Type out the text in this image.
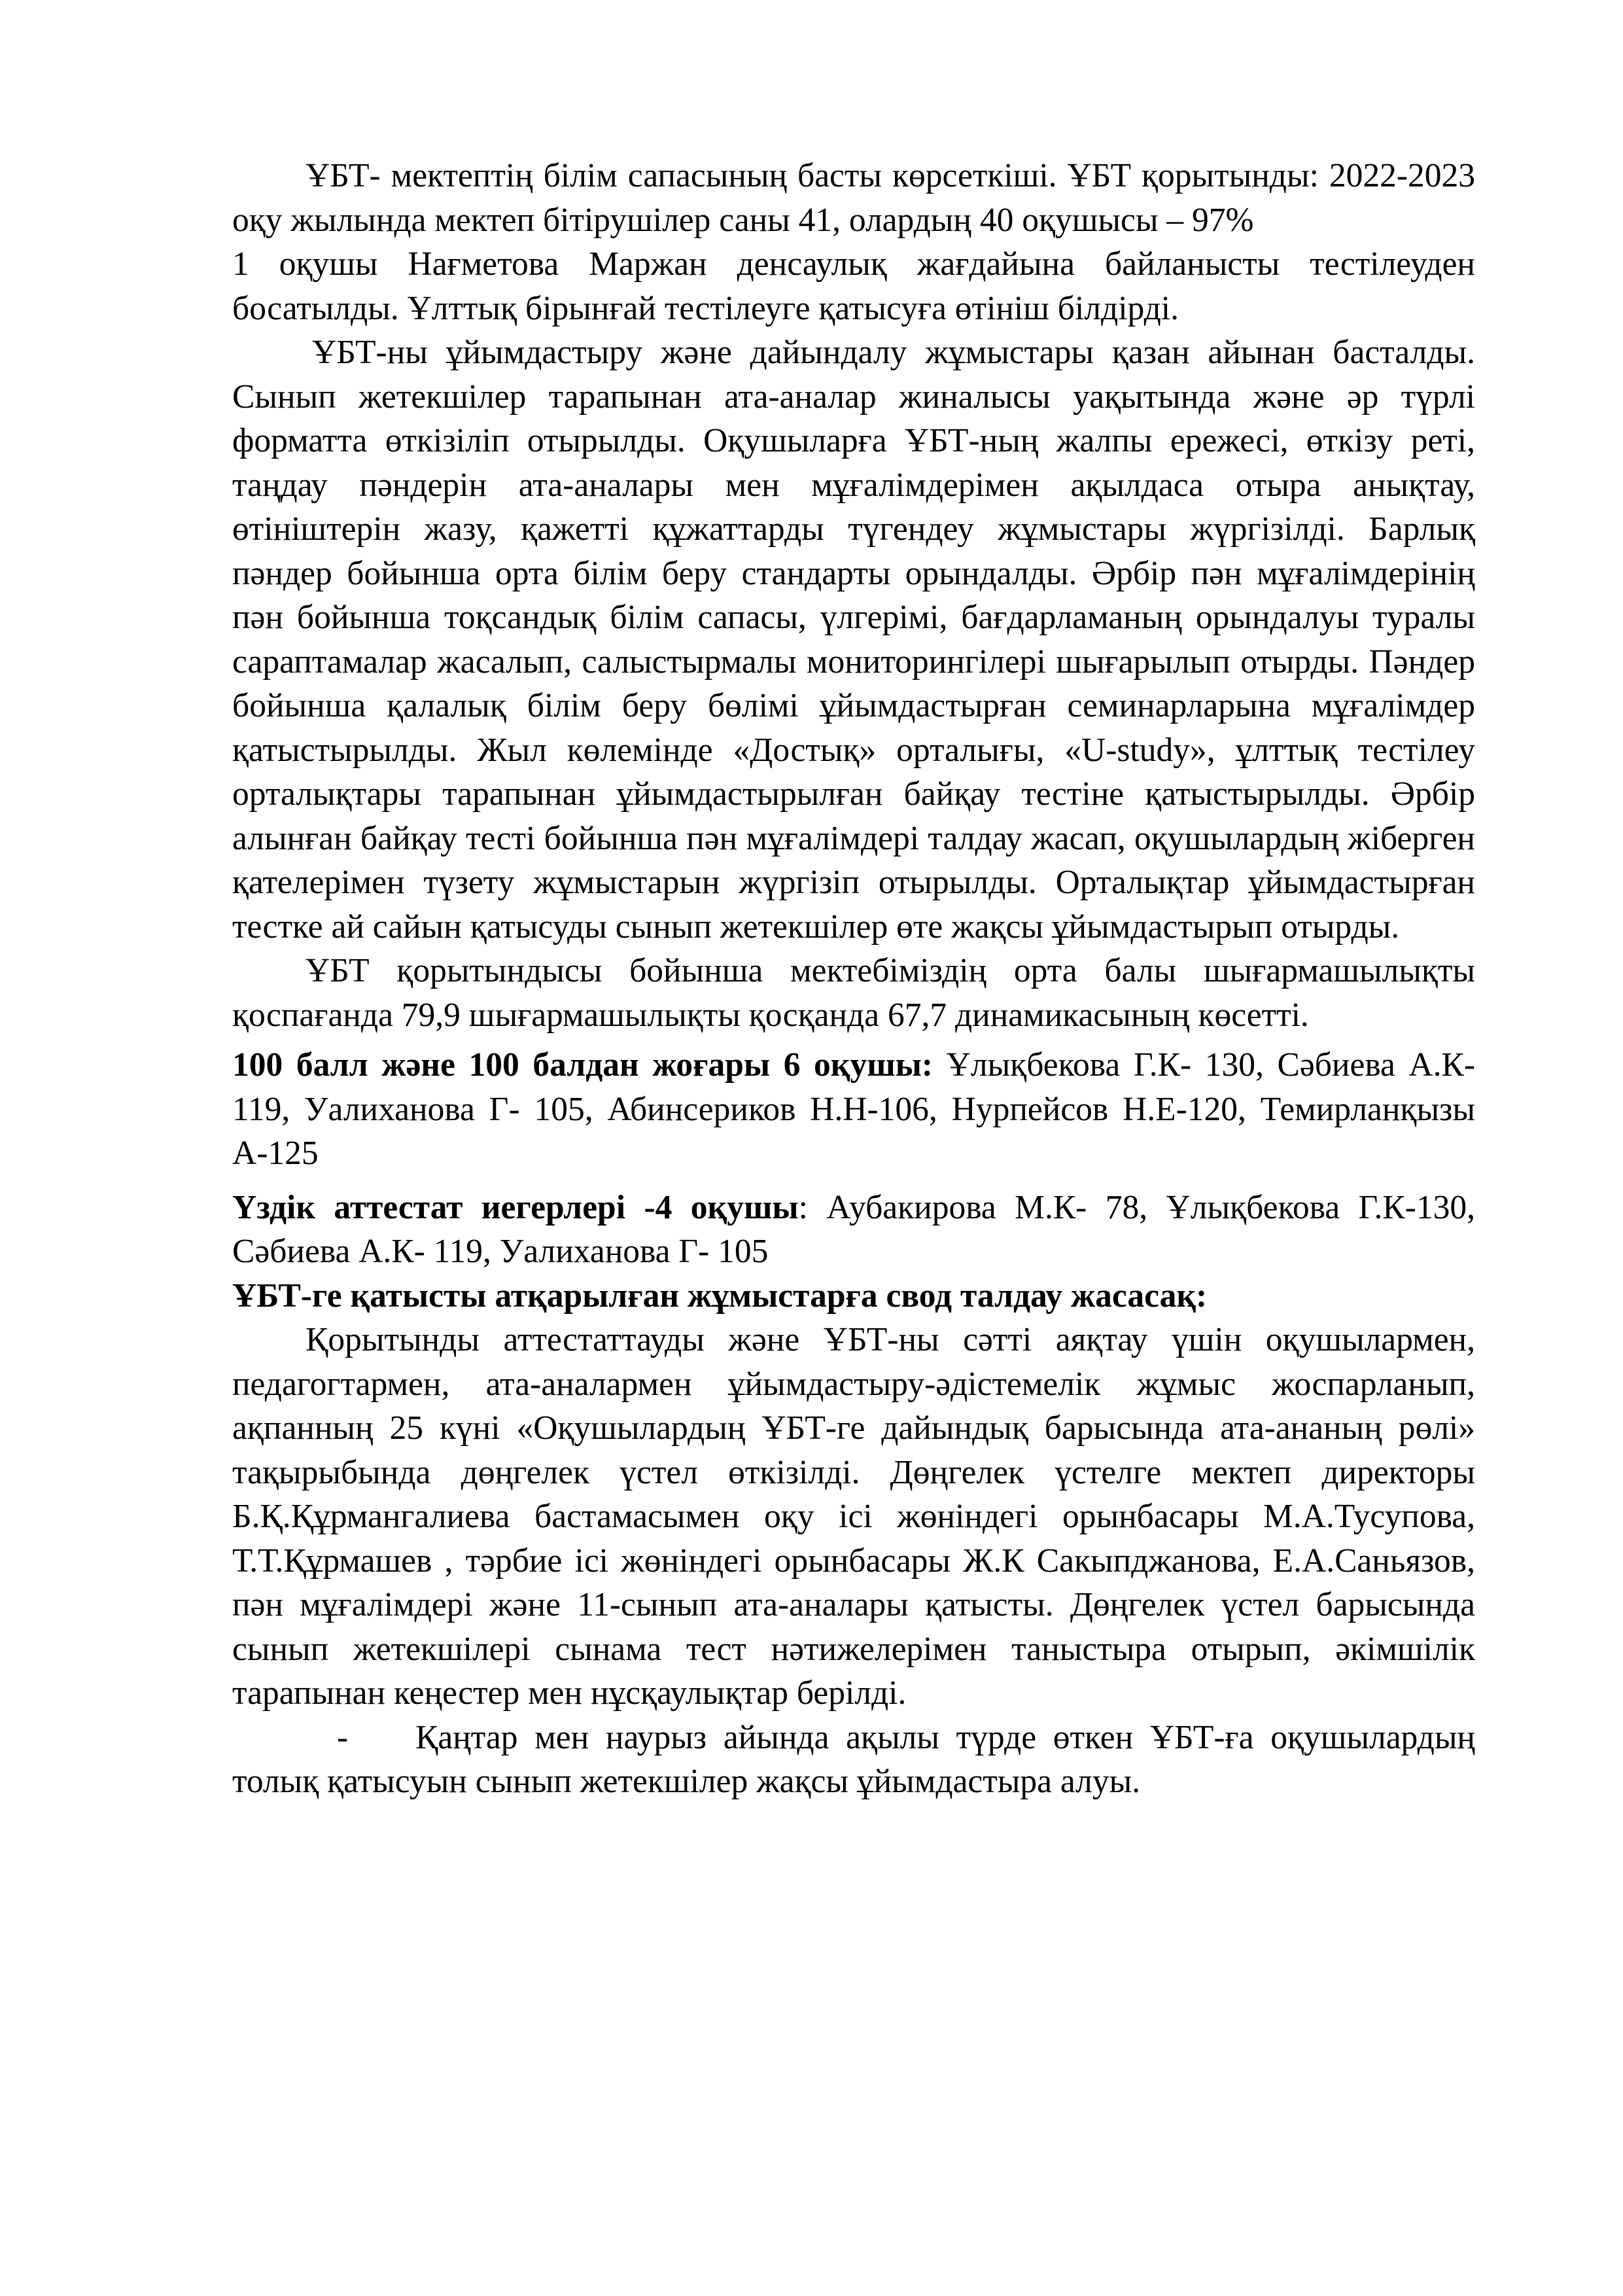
ҰБТ- мектептің білім сапасының басты көрсеткіші. ҰБТ қорытынды: 2022-2023 оқу жылында мектеп бітірушілер саны 41, олардың 40 оқушысы – 97%

1 оқушы Нағметова Маржан денсаулық жағдайына байланысты тестілеуден босатылды. Ұлттық бірынғай тестілеуге қатысуға өтініш білдірді.

ҰБТ-ны ұйымдастыру және дайындалу жұмыстары қазан айынан басталды. Сынып жетекшілер тарапынан ата-аналар жиналысы уақытында және әр түрлі форматта өткізіліп отырылды. Оқушыларға ҰБТ-ның жалпы ережесі, өткізу реті, таңдау пәндерін ата-аналары мен мұғалімдерімен ақылдаса отыра анықтау, өтініштерін жазу, қажетті құжаттарды түгендеу жұмыстары жүргізілді. Барлық пәндер бойынша орта білім беру стандарты орындалды. Әрбір пән мұғалімдерінің пән бойынша тоқсандық білім сапасы, үлгерімі, бағдарламаның орындалуы туралы сараптамалар жасалып, салыстырмалы мониторингілері шығарылып отырды. Пәндер бойынша қалалық білім беру бөлімі ұйымдастырған семинарларына мұғалімдер қатыстырылды. Жыл көлемінде «Достық» орталығы, «U-study», ұлттық тестілеу орталықтары тарапынан ұйымдастырылған байқау тестіне қатыстырылды. Әрбір алынған байқау тесті бойынша пән мұғалімдері талдау жасап, оқушылардың жіберген қателерімен түзету жұмыстарын жүргізіп отырылды. Орталықтар ұйымдастырған тестке ай сайын қатысуды сынып жетекшілер өте жақсы ұйымдастырып отырды.

ҰБТ қорытындысы бойынша мектебіміздің орта балы шығармашылықты қоспағанда 79,9 шығармашылықты қосқанда 67,7 динамикасының көсетті.

100 балл және 100 балдан жоғары 6 оқушы: Ұлықбекова Г.К- 130, Сәбиева А.К- 119, Уалиханова Г- 105, Абинсериков Н.Н-106, Нурпейсов Н.Е-120, Темирланқызы А-125

Үздік аттестат иегерлері -4 оқушы: Аубакирова М.К- 78, Ұлықбекова Г.К-130, Сәбиева А.К- 119, Уалиханова Г- 105

ҰБТ-ге қатысты атқарылған жұмыстарға свод талдау жасасақ:

Қорытынды аттестаттауды және ҰБТ-ны сәтті аяқтау үшін оқушылармен, педагогтармен, ата-аналармен ұйымдастыру-әдістемелік жұмыс жоспарланып, ақпанның 25 күні «Оқушылардың ҰБТ-ге дайындық барысында ата-ананың рөлі» тақырыбында дөңгелек үстел өткізілді. Дөңгелек үстелге мектеп директоры Б.Қ.Құрмангалиева бастамасымен оқу ісі жөніндегі орынбасары М.А.Тусупова, Т.Т.Құрмашев , тәрбие ісі жөніндегі орынбасары Ж.К Сакыпджанова, Е.А.Саньязов, пән мұғалімдері және 11-сынып ата-аналары қатысты. Дөңгелек үстел барысында сынып жетекшілері сынама тест нәтижелерімен таныстыра отырып, әкімшілік тарапынан кеңестер мен нұсқаулықтар берілді.

- Қаңтар мен наурыз айында ақылы түрде өткен ҰБТ-ға оқушылардың толық қатысуын сынып жетекшілер жақсы ұйымдастыра алуы.
